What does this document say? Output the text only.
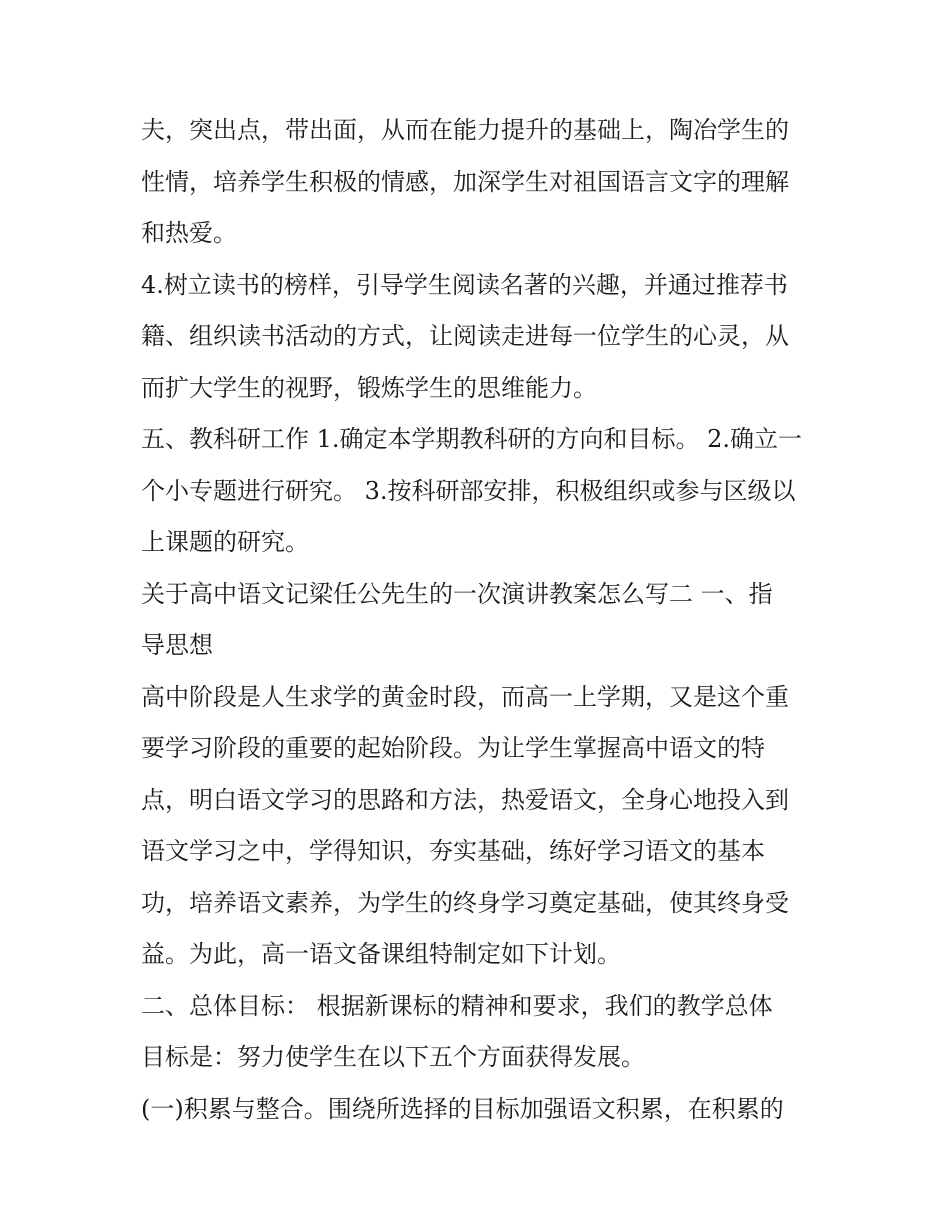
夫，突出点，带出面，从而在能力提升的基础上，陶冶学生的
性情，培养学生积极的情感，加深学生对祖国语言文字的理解
和热爱。
4.树立读书的榜样，引导学生阅读名著的兴趣，并通过推荐书
籍、组织读书活动的方式，让阅读走进每一位学生的心灵，从
而扩大学生的视野，锻炼学生的思维能力。
五、教科研工作 1.确定本学期教科研的方向和目标。 2.确立一
个小专题进行研究。 3.按科研部安排，积极组织或参与区级以
上课题的研究。
关于高中语文记梁任公先生的一次演讲教案怎么写二 一、指
导思想
高中阶段是人生求学的黄金时段，而高一上学期，又是这个重
要学习阶段的重要的起始阶段。为让学生掌握高中语文的特
点，明白语文学习的思路和方法，热爱语文，全身心地投入到
语文学习之中，学得知识，夯实基础，练好学习语文的基本
功，培养语文素养，为学生的终身学习奠定基础，使其终身受
益。为此，高一语文备课组特制定如下计划。
二、总体目标： 根据新课标的精神和要求，我们的教学总体
目标是：努力使学生在以下五个方面获得发展。
(一)积累与整合。围绕所选择的目标加强语文积累，在积累的
